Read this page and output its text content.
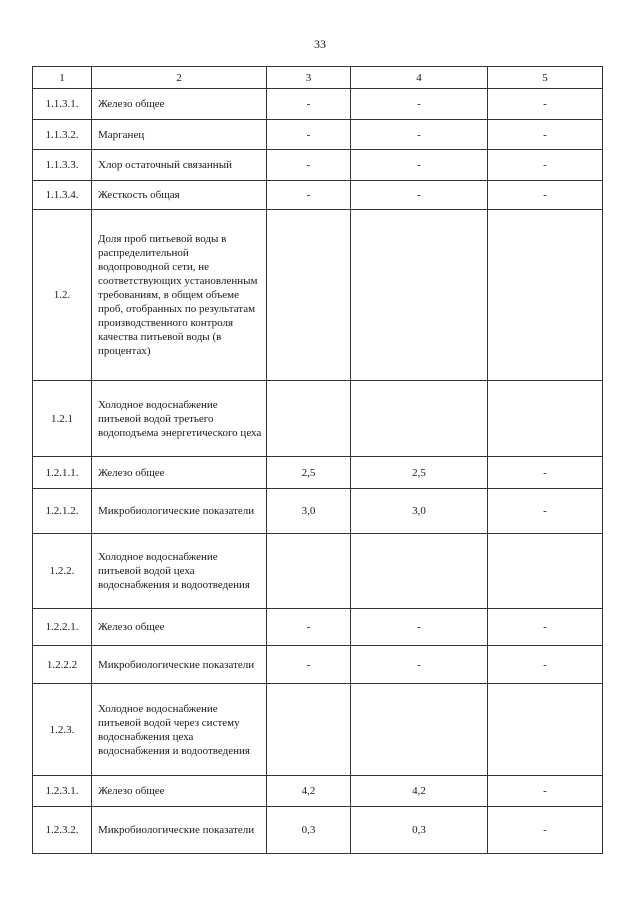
33
1	2	3	4	5
1.1.3.1.	Железо общее	-	-	-
1.1.3.2.	Марганец	-	-	-
1.1.3.3.	Хлор остаточный связанный	-	-	-
1.1.3.4.	Жесткость общая	-	-	-
1.2.	Доля проб питьевой воды в распределительной водопроводной сети, не соответствующих установленным требованиям, в общем объеме проб, отобранных по результатам производственного контроля качества питьевой воды (в процентах)			
1.2.1	Холодное водоснабжение питьевой водой третьего водоподъема энергетического цеха			
1.2.1.1.	Железо общее	2,5	2,5	-
1.2.1.2.	Микробиологические показатели	3,0	3,0	-
1.2.2.	Холодное водоснабжение питьевой водой цеха водоснабжения и водоотведения			
1.2.2.1.	Железо общее	-	-	-
1.2.2.2	Микробиологические показатели	-	-	-
1.2.3.	Холодное водоснабжение питьевой водой через систему водоснабжения цеха водоснабжения и водоотведения			
1.2.3.1.	Железо общее	4,2	4,2	-
1.2.3.2.	Микробиологические показатели	0,3	0,3	-
